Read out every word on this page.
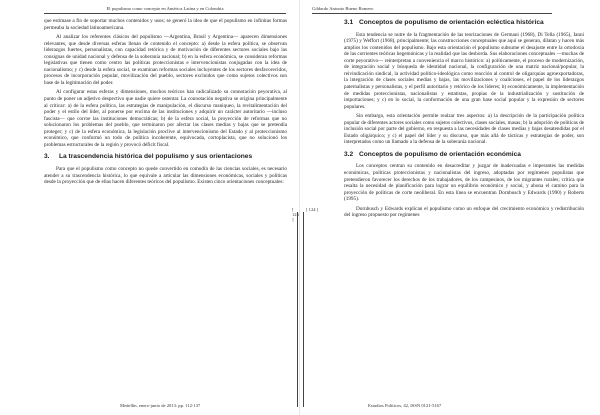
El populismo como concepto en América Latina y en Colombia

que estimase a fin de soportar muchos contenidos y usos; se generó la idea de que el populismo en infinitas formas permeaba la sociedad latinoamericana.

Al analizar los referentes clásicos del populismo —Argentina, Brasil y Argentina— aparecen dimensiones relevantes, que desde diversas esferas llenan de contenido el concepto: a) desde la esfera política, se observan liderazgos fuertes, personalistas, con capacidad retórica y de motivación de diferentes sectores sociales bajo las consignas de unidad nacional y defensa de la soberanía nacional; b) en la esfera económica, se consideran reformas legislativas que tienen como centro las políticas proteccionistas e intervencionistas conjugadas con la idea de nacionalismo; y c) desde la esfera social, se examinan reformas sociales incluyentes de los sectores desfavorecidos, procesos de incorporación popular, movilización del pueblo, sectores excluidos que como sujetos colectivos son base de la legitimación del poder.

Al configurar estas esferas y dimensiones, muchos teóricos han radicalizado su connotación peyorativa, al punto de poner un adjetivo despectivo que nadie quiere ostentar. La connotación negativa se origina principalmente al criticar: a) de la esfera política, las estrategias de manipulación, el discurso maniqueo, la revitalimentación del poder y el estilo del líder, al ponerse por encima de las instituciones y adquirir un carácter autoritario —incluso fascista— que corroe las instituciones democráticas; b) de la esfera social, la proyección de reformas que no solucionaron los problemas del pueblo, que terminaron por afectar las clases medias y bajas que se pretendía proteger; y c) de la esfera económica, la legislación proclive al intervencionismo del Estado y al proteccionismo económico, que conformó un todo de política incoherente, equivocada, cortoplacista, que no solucionó los problemas estructurales de la región y provocó déficit fiscal.

3. La trascendencia histórica del populismo y sus orientaciones

Para que el populismo como concepto no quede convertido en comodín de las ciencias sociales, es necesario atender a su trascendencia histórica, lo que equivale a articular las dimensiones económicas, sociales y políticas desde la proyección que de ellas hacen diferentes teóricos del populismo. Existen cinco orientaciones conceptuales:

[ 123 ]
Medellín, enero-junio de 2013: pp. 112-137
Gildardo Antonio Bueno Romero
3.1 Conceptos de populismo de orientación ecléctica histórica

Esta tendencia se nutre de la fragmentación de las teorizaciones de Germani (1968), Di Tella (1965), Ianni (1975) y Weffort (1968), principalmente; las construcciones conceptuales que aquí se generan, dilatan y hacen más amplios los contenidos del populismo. Bajo esta orientación el populismo subsume el desajuste entre la ortodoxia de las corrientes teóricas hegemónicas y la realidad que las desborda. Sus elaboraciones conceptuales —muchas de corte peyorativo— reinterpretan a conveniencia el marco histórico: a) políticamente, el proceso de modernización, de integración social y búsqueda de identidad nacional, la configuración de una matriz nacional/popular, la reivindicación sindical, la actividad político-ideológica como reacción al control de oligarquías agroexportadoras, la integración de clases sociales medias y bajas, las movilizaciones y coaliciones, el papel de los liderazgos paternalistas y personalistas, y el perfil autoritario y retórico de los líderes; b) económicamente, la implementación de medidas proteccionistas, nacionalistas y estatistas, propias de la industrialización y sustitución de importaciones; y c) en lo social, la conformación de una gran base social popular y la expresión de sectores populares.

Sin embargo, esta orientación permite realzar tres aspectos: a) la descripción de la participación política popular de diferentes actores sociales como sujetos colectivos, clases sociales, masas; b) la adopción de políticas de inclusión social por parte del gobierno, en respuesta a las necesidades de clases medias y bajas desatendidas por el Estado oligárquico; y c) el papel del líder y su discurso, que más allá de tácticas y estrategias de poder, son interpretados como un llamado a la defensa de la soberanía nacional.

3.2 Conceptos de populismo de orientación económica

Los conceptos centran su contenido en desacreditar y juzgar de inadecuadas e imperantes las medidas económicas, políticas proteccionistas y nacionalistas del ingreso, adoptadas por regímenes populistas que pretendieron favorecer los derechos de los trabajadores, de los campesinos, de los migrantes rurales; crítica que resalta la necesidad de planificación para lograr un equilibrio económico y social, y abona el camino para la proyección de políticas de corte neoliberal. En esta línea se encuentran Dornbusch y Edwards (1990) y Roberts (1995).

Dornbusch y Edwards explican el populismo como un enfoque del crecimiento económico y redistribución del ingreso propuesto por regímenes

[ 124 ]
Estudios Políticos, 42, ISSN 0121-5167
